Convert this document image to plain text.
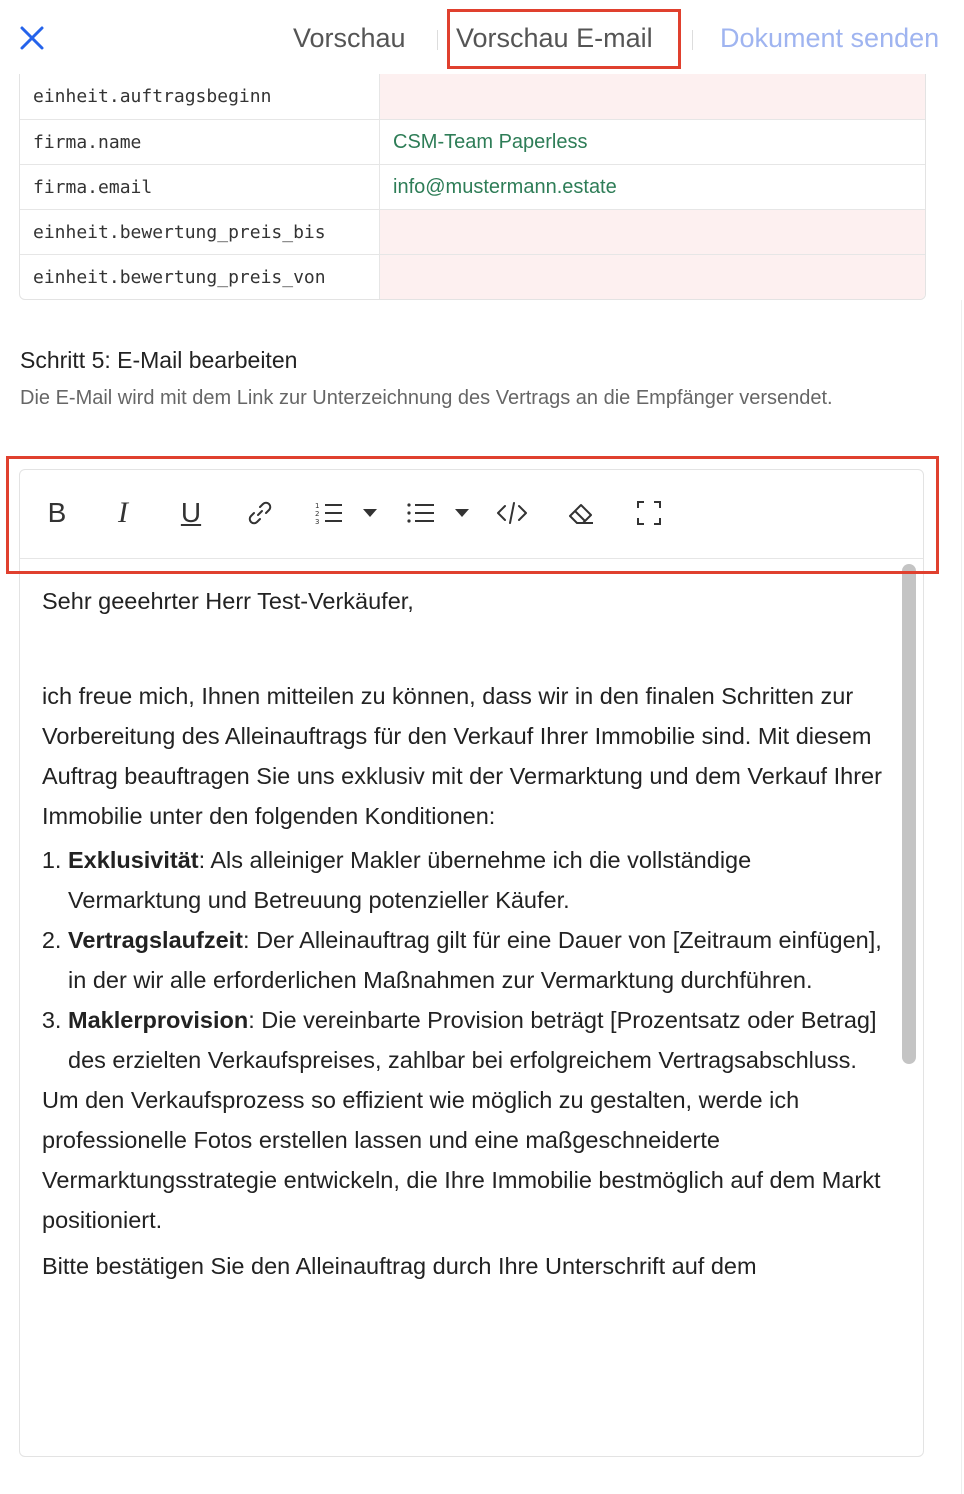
Vorschau Vorschau E-mail Dokument senden
einheit.auftragsbeginn
firma.name	CSM-Team Paperless
firma.email	info@mustermann.estate
einheit.bewertung_preis_bis
einheit.bewertung_preis_von
Schritt 5: E-Mail bearbeiten
Die E-Mail wird mit dem Link zur Unterzeichnung des Vertrags an die Empfänger versendet.
B I U	1
2
3

Sehr geeehrter Herr Test-Verkäufer,

ich freue mich, Ihnen mitteilen zu können, dass wir in den finalen Schritten zur Vorbereitung des Alleinauftrags für den Verkauf Ihrer Immobilie sind. Mit diesem Auftrag beauftragen Sie uns exklusiv mit der Vermarktung und dem Verkauf Ihrer Immobilie unter den folgenden Konditionen:

1. Exklusivität: Als alleiniger Makler übernehme ich die vollständige Vermarktung und Betreuung potenzieller Käufer.
2. Vertragslaufzeit: Der Alleinauftrag gilt für eine Dauer von [Zeitraum einfügen], in der wir alle erforderlichen Maßnahmen zur Vermarktung durchführen.
3. Maklerprovision: Die vereinbarte Provision beträgt [Prozentsatz oder Betrag] des erzielten Verkaufspreises, zahlbar bei erfolgreichem Vertragsabschluss.

Um den Verkaufsprozess so effizient wie möglich zu gestalten, werde ich professionelle Fotos erstellen lassen und eine maßgeschneiderte Vermarktungsstrategie entwickeln, die Ihre Immobilie bestmöglich auf dem Markt positioniert.

Bitte bestätigen Sie den Alleinauftrag durch Ihre Unterschrift auf dem
